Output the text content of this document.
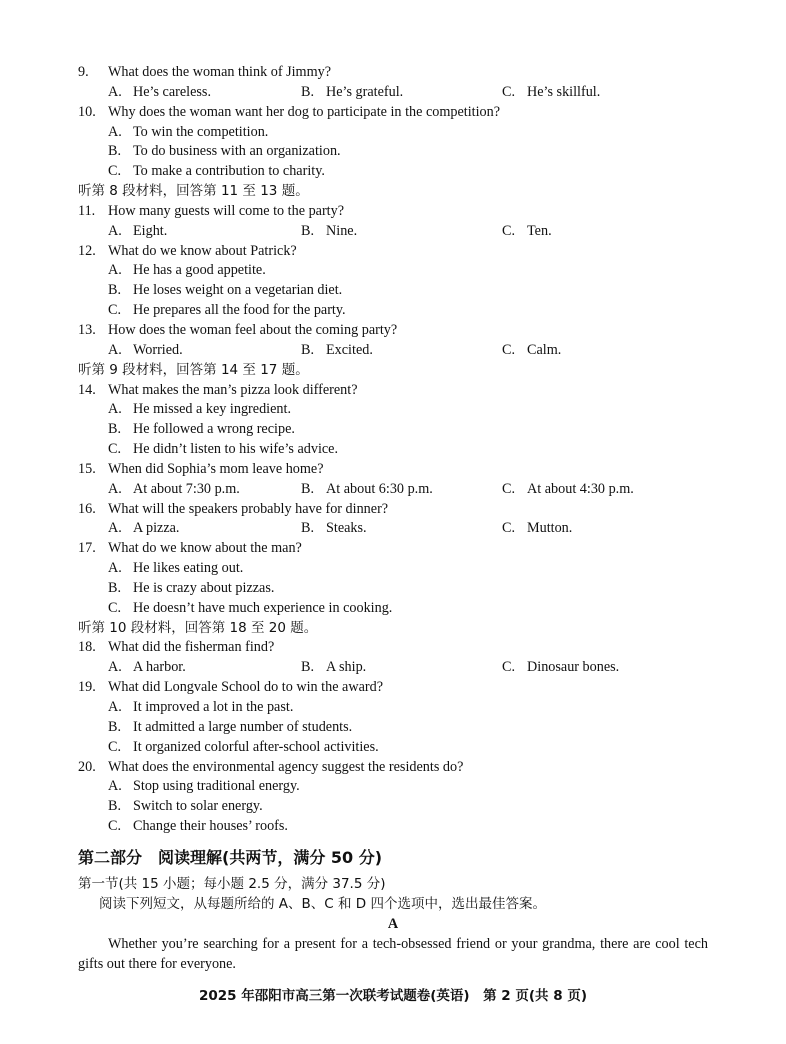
9. What does the woman think of Jimmy?
A. He’s careless.	B. He’s grateful.	C. He’s skillful.
10. Why does the woman want her dog to participate in the competition?
A. To win the competition.
B. To do business with an organization.
C. To make a contribution to charity.
听第 8 段材料，回答第 11 至 13 题。
11. How many guests will come to the party?
A. Eight.	B. Nine.	C. Ten.
12. What do we know about Patrick?
A. He has a good appetite.
B. He loses weight on a vegetarian diet.
C. He prepares all the food for the party.
13. How does the woman feel about the coming party?
A. Worried.	B. Excited.	C. Calm.
听第 9 段材料，回答第 14 至 17 题。
14. What makes the man’s pizza look different?
A. He missed a key ingredient.
B. He followed a wrong recipe.
C. He didn’t listen to his wife’s advice.
15. When did Sophia’s mom leave home?
A. At about 7:30 p.m.	B. At about 6:30 p.m.	C. At about 4:30 p.m.
16. What will the speakers probably have for dinner?
A. A pizza.	B. Steaks.	C. Mutton.
17. What do we know about the man?
A. He likes eating out.
B. He is crazy about pizzas.
C. He doesn’t have much experience in cooking.
听第 10 段材料，回答第 18 至 20 题。
18. What did the fisherman find?
A. A harbor.	B. A ship.	C. Dinosaur bones.
19. What did Longvale School do to win the award?
A. It improved a lot in the past.
B. It admitted a large number of students.
C. It organized colorful after-school activities.
20. What does the environmental agency suggest the residents do?
A. Stop using traditional energy.
B. Switch to solar energy.
C. Change their houses’ roofs.
第二部分　阅读理解(共两节，满分 50 分)
第一节(共 15 小题；每小题 2.5 分，满分 37.5 分)
阅读下列短文，从每题所给的 A、B、C 和 D 四个选项中，选出最佳答案。
A
Whether you’re searching for a present for a tech-obsessed friend or your grandma, there are cool tech gifts out there for everyone.
2025 年邵阳市高三第一次联考试题卷(英语)　第 2 页(共 8 页)
